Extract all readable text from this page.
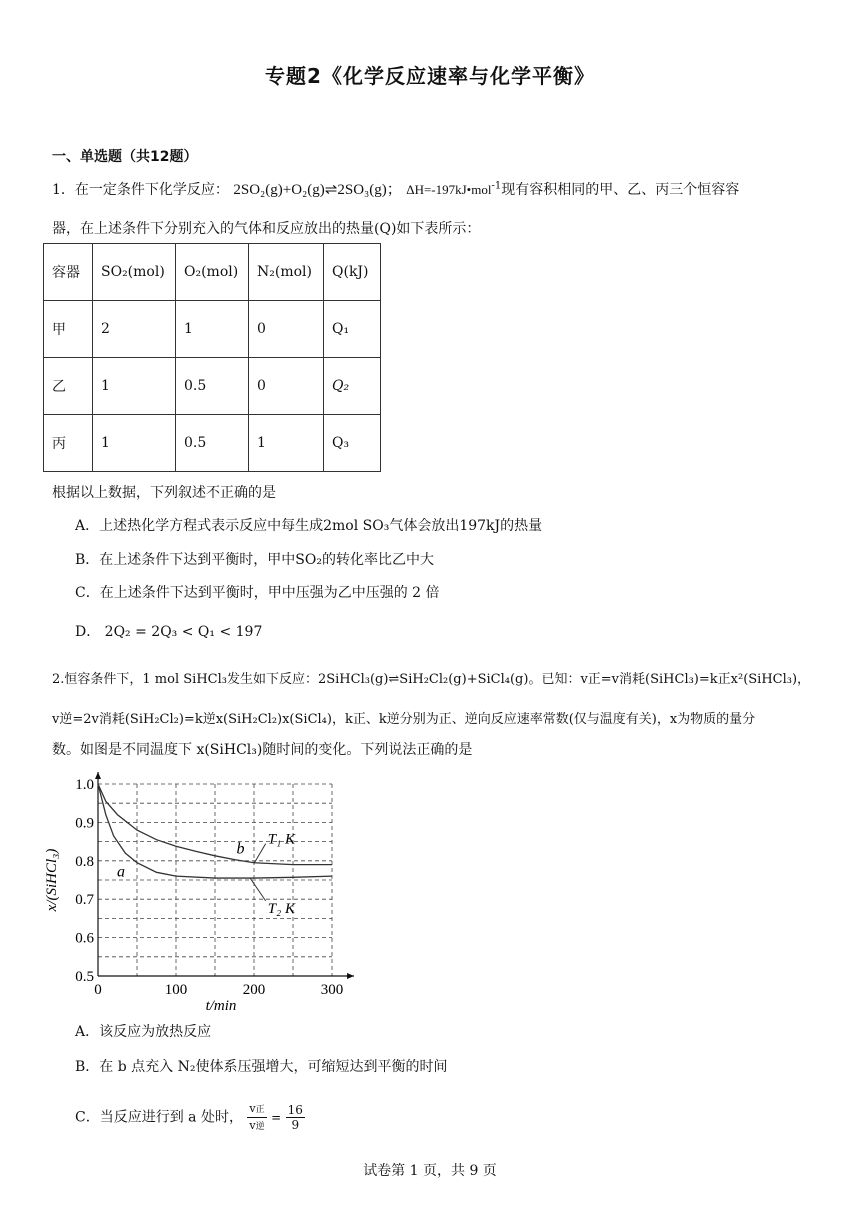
专题2《化学反应速率与化学平衡》
一、单选题（共12题）
1．在一定条件下化学反应： 2SO₂(g)+O₂(g)⇌2SO₃(g)； ΔH=-197kJ•mol$^{-1}$现有容积相同的甲、乙、丙三个恒容容
器，在上述条件下分别充入的气体和反应放出的热量(Q)如下表所示：
容器	SO₂(mol)	O₂(mol)	N₂(mol)	Q(kJ)
甲	2	1	0	Q₁
乙	1	0.5	0	Q₂
丙	1	0.5	1	Q₃
根据以上数据，下列叙述不正确的是
A．上述热化学方程式表示反应中每生成2mol SO₃气体会放出197kJ的热量
B．在上述条件下达到平衡时，甲中SO₂的转化率比乙中大
C．在上述条件下达到平衡时，甲中压强为乙中压强的 2 倍
D． 2Q₂ = 2Q₃ < Q₁ < 197
2.恒容条件下，1 mol SiHCl₃发生如下反应：2SiHCl₃(g)⇌SiH₂Cl₂(g)+SiCl₄(g)。已知：v正=v消耗(SiHCl₃)=k正x²(SiHCl₃)，
v逆=2v消耗(SiH₂Cl₂)=k逆x(SiH₂Cl₂)x(SiCl₄)，k正、k逆分别为正、逆向反应速率常数(仅与温度有关)，x为物质的量分
数。如图是不同温度下 x(SiHCl₃)随时间的变化。下列说法正确的是
0	100	200	300
0.5
0.6
0.7
0.8
0.9
1.0
t/min
x/(SiHCl₃)
T₁ K
T₂ K
a
b
A．该反应为放热反应
B．在 b 点充入 N₂使体系压强增大，可缩短达到平衡的时间
C．当反应进行到 a 处时， $\frac{\text{v正}}{\text{v逆}} = \frac{16}{9}$
试卷第 1 页，共 9 页
